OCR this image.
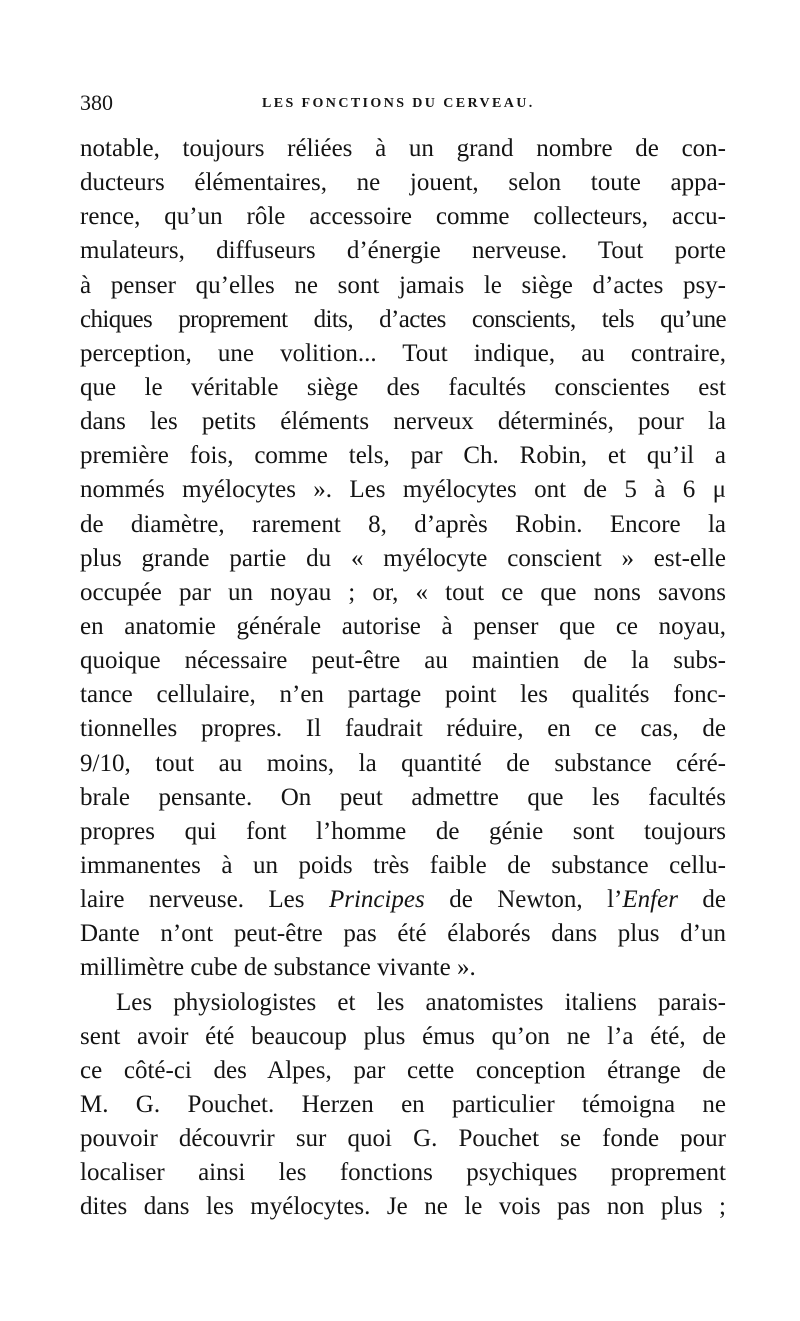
380	LES FONCTIONS DU CERVEAU.
notable, toujours réliées à un grand nombre de con-
ducteurs élémentaires, ne jouent, selon toute appa-
rence, qu’un rôle accessoire comme collecteurs, accu-
mulateurs, diffuseurs d’énergie nerveuse. Tout porte
à penser qu’elles ne sont jamais le siège d’actes psy-
chiques proprement dits, d’actes conscients, tels qu’une
perception, une volition... Tout indique, au contraire,
que le véritable siège des facultés conscientes est
dans les petits éléments nerveux déterminés, pour la
première fois, comme tels, par Ch. Robin, et qu’il a
nommés myélocytes ». Les myélocytes ont de 5 à 6 μ
de diamètre, rarement 8, d’après Robin. Encore la
plus grande partie du « myélocyte conscient » est-elle
occupée par un noyau ; or, « tout ce que nons savons
en anatomie générale autorise à penser que ce noyau,
quoique nécessaire peut-être au maintien de la subs-
tance cellulaire, n’en partage point les qualités fonc-
tionnelles propres. Il faudrait réduire, en ce cas, de
9/10, tout au moins, la quantité de substance céré-
brale pensante. On peut admettre que les facultés
propres qui font l’homme de génie sont toujours
immanentes à un poids très faible de substance cellu-
laire nerveuse. Les Principes de Newton, l’Enfer de
Dante n’ont peut-être pas été élaborés dans plus d’un
millimètre cube de substance vivante ».
Les physiologistes et les anatomistes italiens parais-
sent avoir été beaucoup plus émus qu’on ne l’a été, de
ce côté-ci des Alpes, par cette conception étrange de
M. G. Pouchet. Herzen en particulier témoigna ne
pouvoir découvrir sur quoi G. Pouchet se fonde pour
localiser ainsi les fonctions psychiques proprement
dites dans les myélocytes. Je ne le vois pas non plus ;
